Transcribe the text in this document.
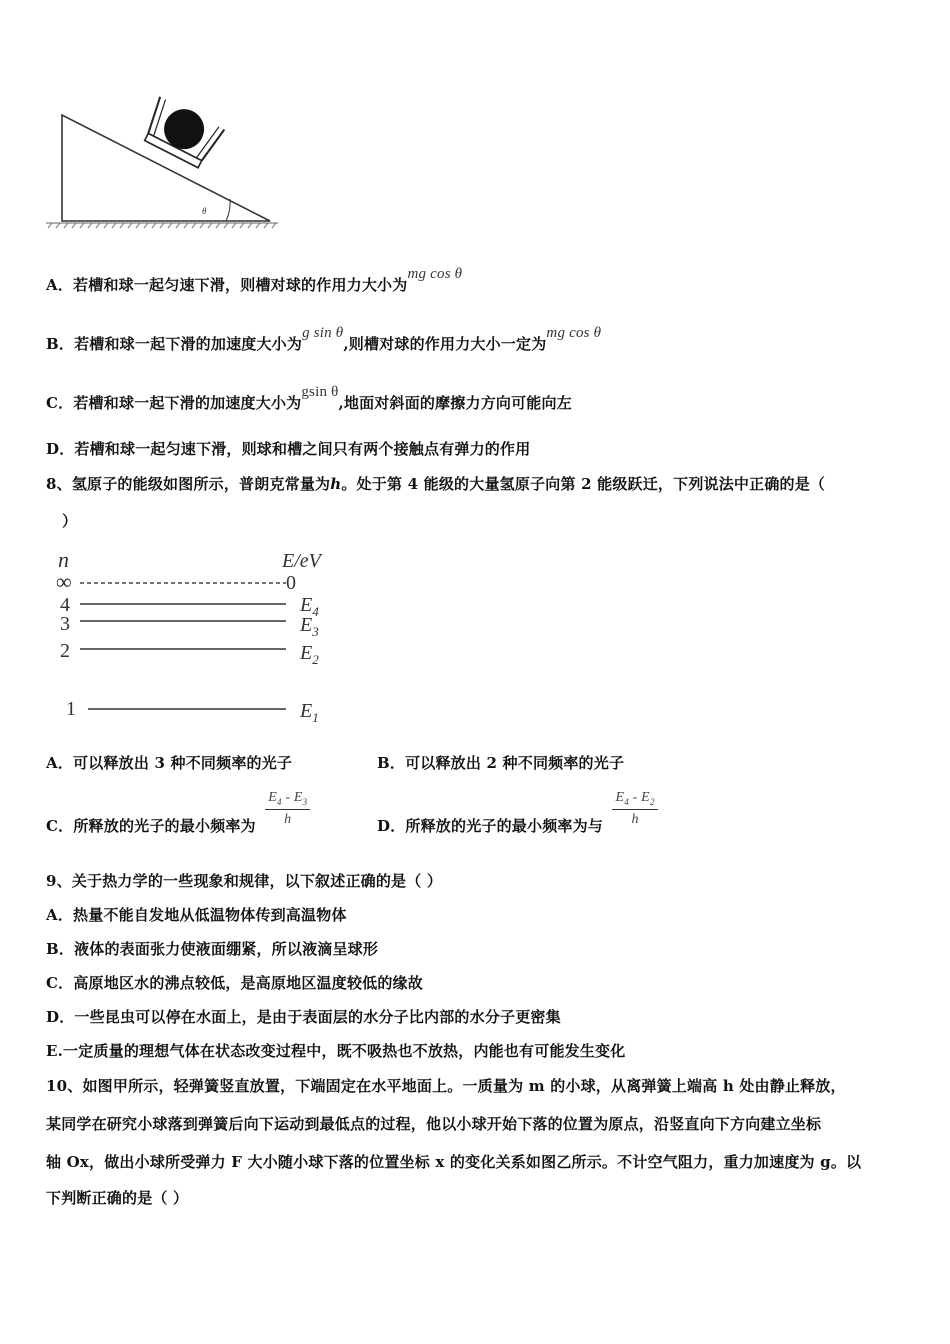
θ
A．若槽和球一起匀速下滑，则槽对球的作用力大小为mg cos θ
B．若槽和球一起下滑的加速度大小为g sin θ,则槽对球的作用力大小一定为mg cos θ
C．若槽和球一起下滑的加速度大小为gsin θ,地面对斜面的摩擦力方向可能向左
D．若槽和球一起匀速下滑，则球和槽之间只有两个接触点有弹力的作用
8、氢原子的能级如图所示，普朗克常量为h。处于第 4 能级的大量氢原子向第 2 能级跃迁，下列说法中正确的是（
）
n	E/eV
∞	0
4	$E_4$
3	$E_3$
2	$E_2$
1	$E_1$
A．可以释放出 3 种不同频率的光子	B．可以释放出 2 种不同频率的光子
C．所释放的光子的最小频率为 $\frac{E_4 - E_3}{h}$	D．所释放的光子的最小频率为与 $\frac{E_4 - E_2}{h}$
9、关于热力学的一些现象和规律，以下叙述正确的是（ ）
A．热量不能自发地从低温物体传到高温物体
B．液体的表面张力使液面绷紧，所以液滴呈球形
C．高原地区水的沸点较低，是高原地区温度较低的缘故
D．一些昆虫可以停在水面上，是由于表面层的水分子比内部的水分子更密集
E.一定质量的理想气体在状态改变过程中，既不吸热也不放热，内能也有可能发生变化
10、如图甲所示，轻弹簧竖直放置，下端固定在水平地面上。一质量为 m 的小球，从离弹簧上端高 h 处由静止释放，
某同学在研究小球落到弹簧后向下运动到最低点的过程，他以小球开始下落的位置为原点，沿竖直向下方向建立坐标
轴 Ox，做出小球所受弹力 F 大小随小球下落的位置坐标 x 的变化关系如图乙所示。不计空气阻力，重力加速度为 g。以
下判断正确的是（ ）
